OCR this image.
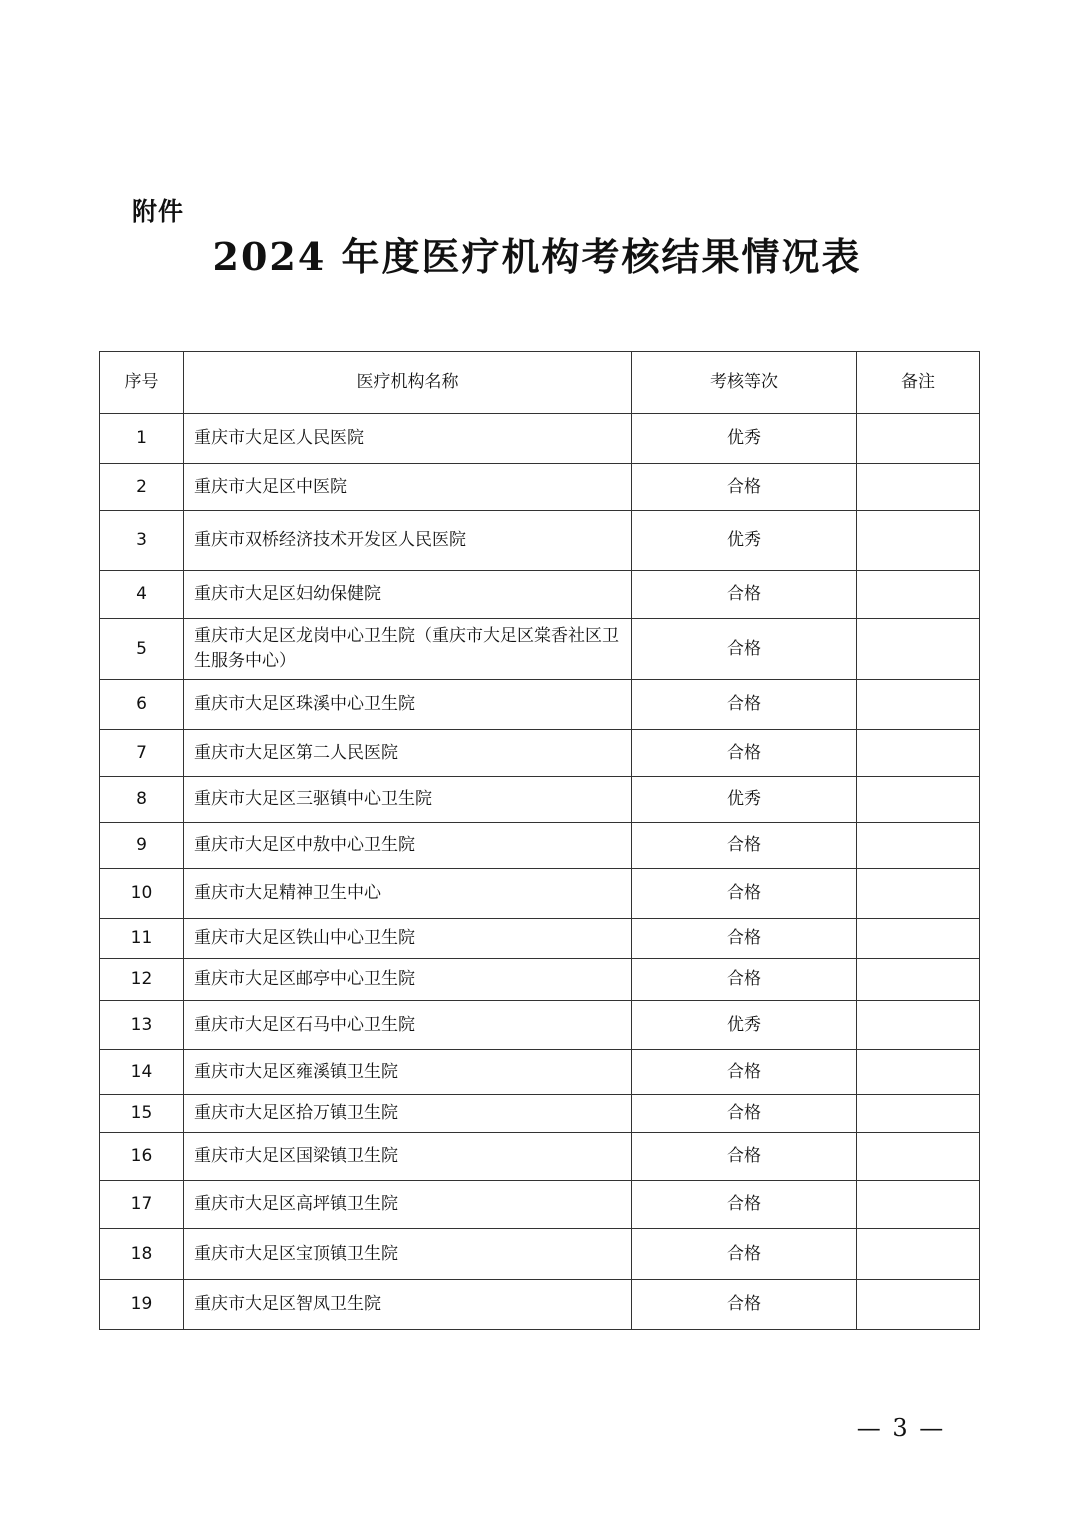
附件
2024 年度医疗机构考核结果情况表
序号	医疗机构名称	考核等次	备注
1	重庆市大足区人民医院	优秀	
2	重庆市大足区中医院	合格	
3	重庆市双桥经济技术开发区人民医院	优秀	
4	重庆市大足区妇幼保健院	合格	
5	重庆市大足区龙岗中心卫生院（重庆市大足区棠香社区卫生服务中心）	合格	
6	重庆市大足区珠溪中心卫生院	合格	
7	重庆市大足区第二人民医院	合格	
8	重庆市大足区三驱镇中心卫生院	优秀	
9	重庆市大足区中敖中心卫生院	合格	
10	重庆市大足精神卫生中心	合格	
11	重庆市大足区铁山中心卫生院	合格	
12	重庆市大足区邮亭中心卫生院	合格	
13	重庆市大足区石马中心卫生院	优秀	
14	重庆市大足区雍溪镇卫生院	合格	
15	重庆市大足区拾万镇卫生院	合格	
16	重庆市大足区国梁镇卫生院	合格	
17	重庆市大足区高坪镇卫生院	合格	
18	重庆市大足区宝顶镇卫生院	合格	
19	重庆市大足区智凤卫生院	合格	
— 3 —
